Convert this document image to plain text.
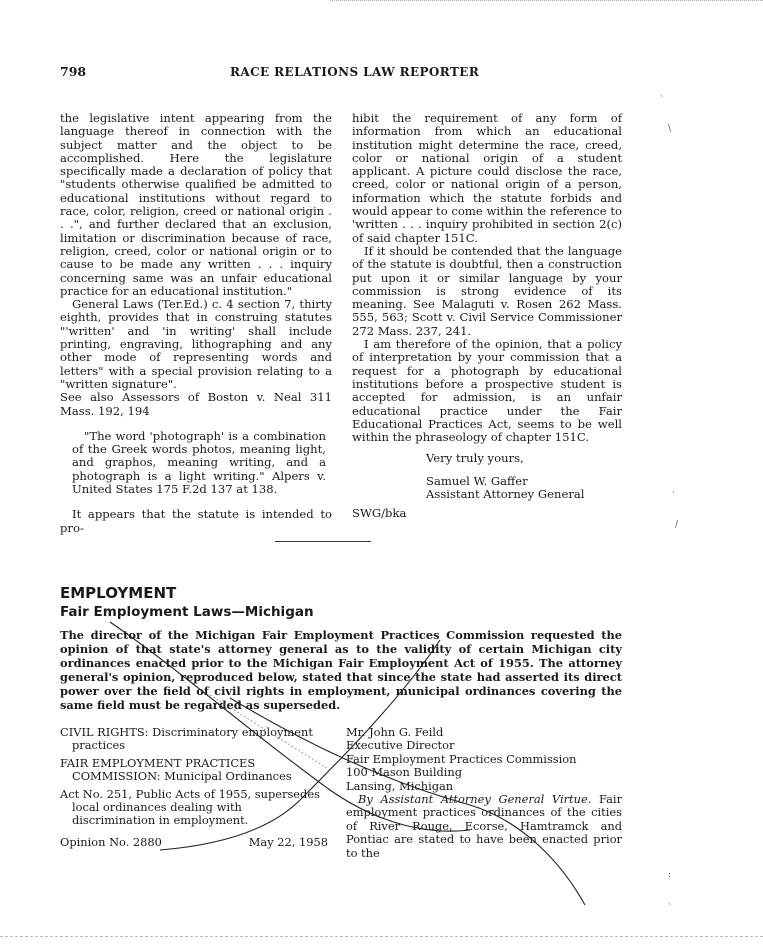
798	RACE RELATIONS LAW REPORTER

the legislative intent appearing from the language thereof in connection with the subject matter and the object to be accomplished. Here the legislature specifically made a declaration of policy that "students otherwise qualified be admitted to educational institutions without regard to race, color, religion, creed or national origin . . .", and further declared that an exclusion, limitation or discrimination because of race, religion, creed, color or national origin or to cause to be made any written . . . inquiry concerning same was an unfair educational practice for an educational institution."

General Laws (Ter.Ed.) c. 4 section 7, thirty eighth, provides that in construing statutes "'written' and 'in writing' shall include printing, engraving, lithographing and any other mode of representing words and letters" with a special provision relating to a "written signature".

See also Assessors of Boston v. Neal 311 Mass. 192, 194

"The word 'photograph' is a combination of the Greek words photos, meaning light, and graphos, meaning writing, and a photograph is a light writing." Alpers v. United States 175 F.2d 137 at 138.

It appears that the statute is intended to pro-

hibit the requirement of any form of information from which an educational institution might determine the race, creed, color or national origin of a student applicant. A picture could disclose the race, creed, color or national origin of a person, information which the statute forbids and would appear to come within the reference to 'written . . . inquiry prohibited in section 2(c) of said chapter 151C.

If it should be contended that the language of the statute is doubtful, then a construction put upon it or similar language by your commission is strong evidence of its meaning. See Malaguti v. Rosen 262 Mass. 555, 563; Scott v. Civil Service Commissioner 272 Mass. 237, 241.

I am therefore of the opinion, that a policy of interpretation by your commission that a request for a photograph by educational institutions before a prospective student is accepted for admission, is an unfair educational practice under the Fair Educational Practices Act, seems to be well within the phraseology of chapter 151C.

Very truly yours,
Samuel W. Gaffer
Assistant Attorney General
SWG/bka
EMPLOYMENT
Fair Employment Laws—Michigan
The director of the Michigan Fair Employment Practices Commission requested the opinion of that state's attorney general as to the validity of certain Michigan city ordinances enacted prior to the Michigan Fair Employment Act of 1955. The attorney general's opinion, reproduced below, stated that since the state had asserted its direct power over the field of civil rights in employment, municipal ordinances covering the same field must be regarded as superseded.
CIVIL RIGHTS: Discriminatory employment practices
FAIR EMPLOYMENT PRACTICES COMMISSION: Municipal Ordinances
Act No. 251, Public Acts of 1955, supersedes local ordinances dealing with discrimination in employment.
Opinion No. 2880	May 22, 1958
Mr. John G. Feild
Executive Director
Fair Employment Practices Commission
100 Mason Building
Lansing, Michigan
By Assistant Attorney General Virtue. Fair employment practices ordinances of the cities of River Rouge, Ecorse, Hamtramck and Pontiac are stated to have been enacted prior to the
·
\
·
/
:
·
